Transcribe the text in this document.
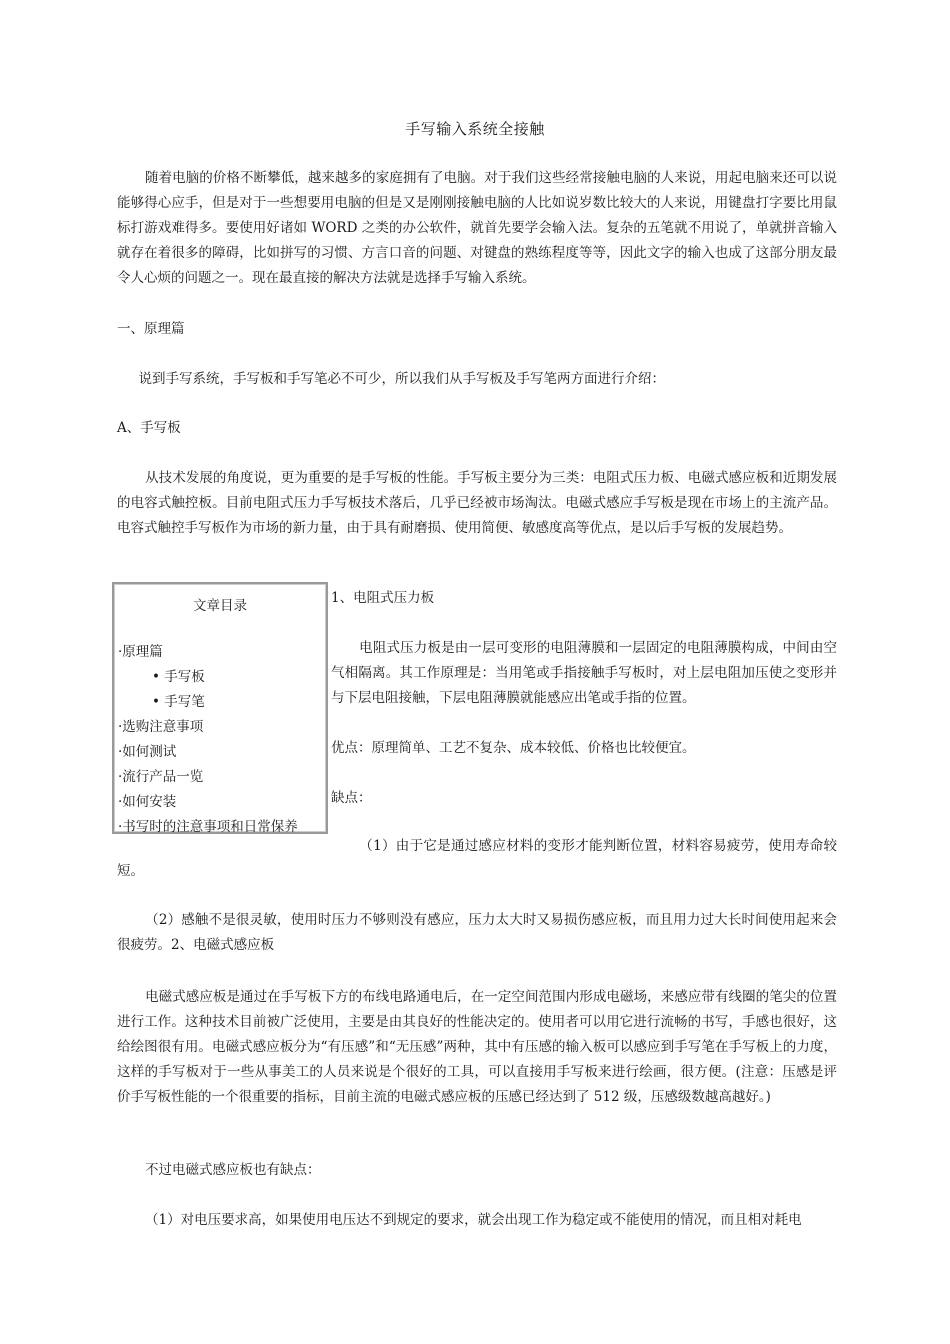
手写输入系统全接触

随着电脑的价格不断攀低，越来越多的家庭拥有了电脑。对于我们这些经常接触电脑的人来说，用起电脑来还可以说能够得心应手，但是对于一些想要用电脑的但是又是刚刚接触电脑的人比如说岁数比较大的人来说，用键盘打字要比用鼠标打游戏难得多。要使用好诸如 WORD 之类的办公软件，就首先要学会输入法。复杂的五笔就不用说了，单就拼音输入就存在着很多的障碍，比如拼写的习惯、方言口音的问题、对键盘的熟练程度等等，因此文字的输入也成了这部分朋友最令人心烦的问题之一。现在最直接的解决方法就是选择手写输入系统。

一、原理篇

说到手写系统，手写板和手写笔必不可少，所以我们从手写板及手写笔两方面进行介绍：

A、手写板

从技术发展的角度说，更为重要的是手写板的性能。手写板主要分为三类：电阻式压力板、电磁式感应板和近期发展的电容式触控板。目前电阻式压力手写板技术落后，几乎已经被市场淘汰。电磁式感应手写板是现在市场上的主流产品。电容式触控手写板作为市场的新力量，由于具有耐磨损、使用简便、敏感度高等优点，是以后手写板的发展趋势。

文章目录
·原理篇
• 手写板
• 手写笔
·选购注意事项
·如何测试
·流行产品一览
·如何安装
·书写时的注意事项和日常保养

1、电阻式压力板

电阻式压力板是由一层可变形的电阻薄膜和一层固定的电阻薄膜构成，中间由空气相隔离。其工作原理是：当用笔或手指接触手写板时，对上层电阻加压使之变形并与下层电阻接触，下层电阻薄膜就能感应出笔或手指的位置。

优点：原理简单、工艺不复杂、成本较低、价格也比较便宜。

缺点：

（1）由于它是通过感应材料的变形才能判断位置，材料容易疲劳，使用寿命较短。

（2）感触不是很灵敏，使用时压力不够则没有感应，压力太大时又易损伤感应板，而且用力过大长时间使用起来会很疲劳。2、电磁式感应板

电磁式感应板是通过在手写板下方的布线电路通电后，在一定空间范围内形成电磁场，来感应带有线圈的笔尖的位置进行工作。这种技术目前被广泛使用，主要是由其良好的性能决定的。使用者可以用它进行流畅的书写，手感也很好，这给绘图很有用。电磁式感应板分为“有压感”和“无压感”两种，其中有压感的输入板可以感应到手写笔在手写板上的力度，这样的手写板对于一些从事美工的人员来说是个很好的工具，可以直接用手写板来进行绘画，很方便。(注意：压感是评价手写板性能的一个很重要的指标，目前主流的电磁式感应板的压感已经达到了 512 级，压感级数越高越好。)

不过电磁式感应板也有缺点：

（1）对电压要求高，如果使用电压达不到规定的要求，就会出现工作为稳定或不能使用的情况，而且相对耗电
